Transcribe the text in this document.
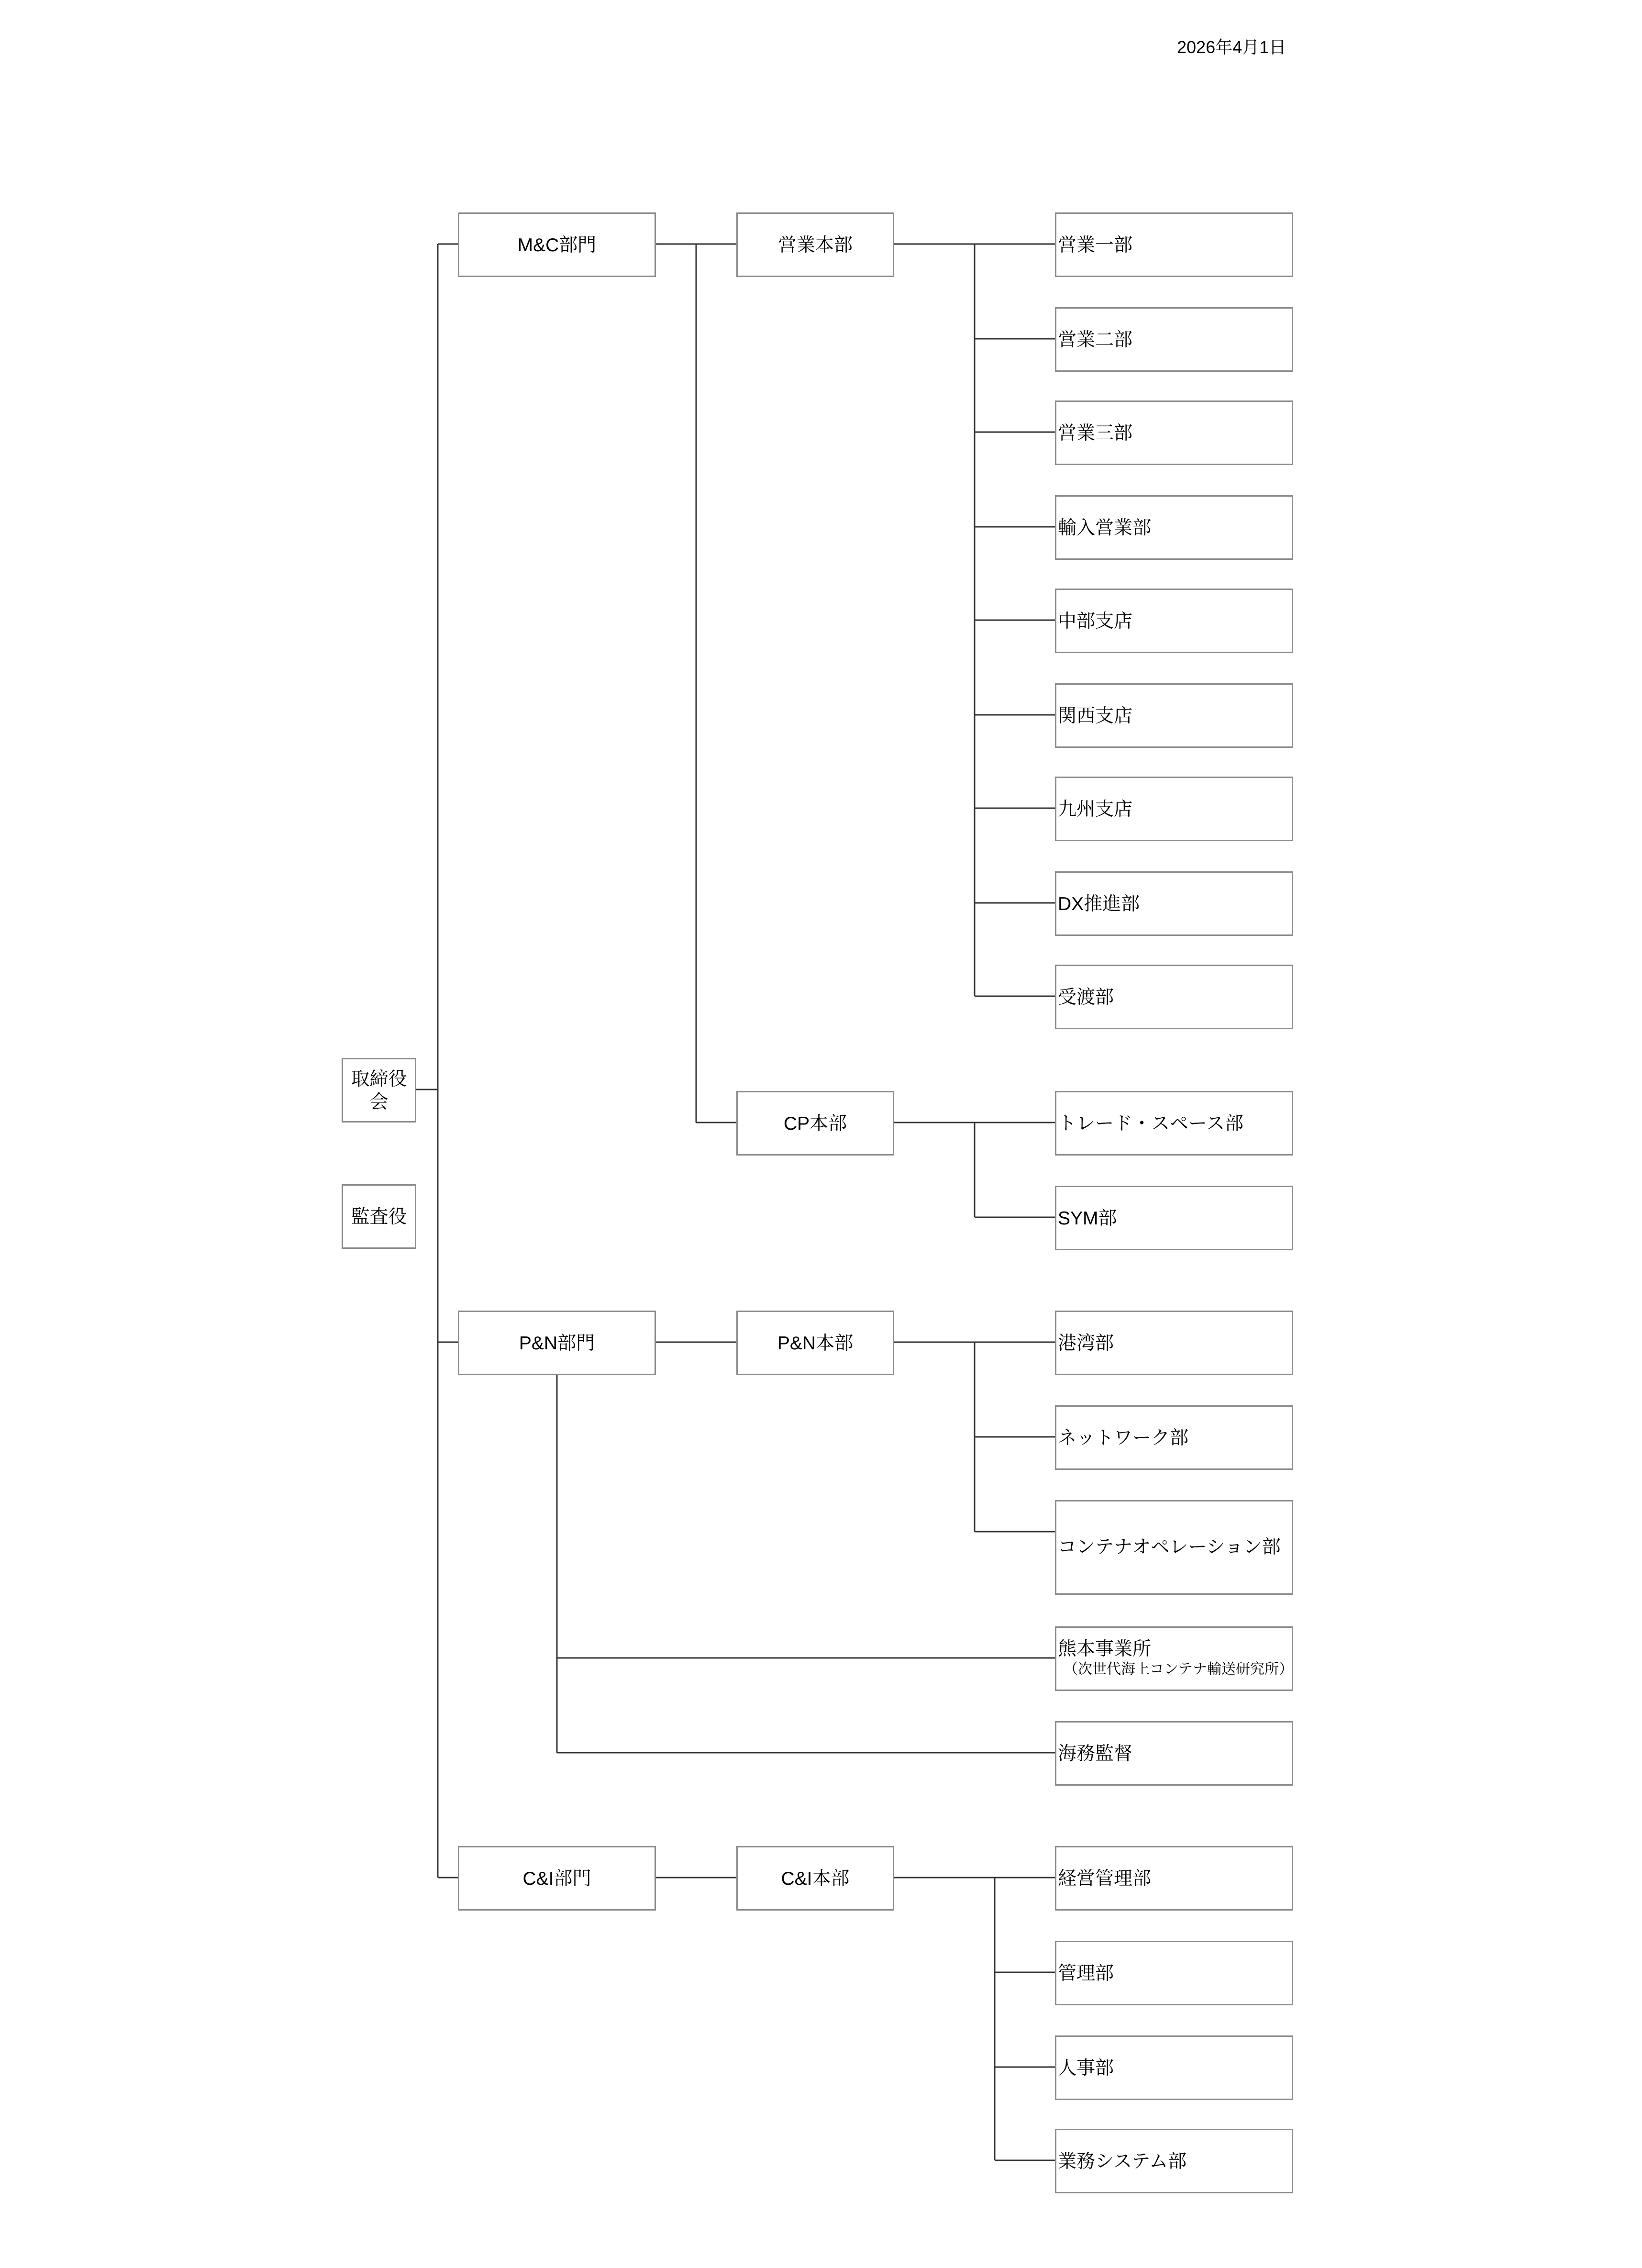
2026年4月1日
取締役会
監査役
M&C部門
P&N部門
C&I部門
営業本部
CP本部
P&N本部
C&I本部
営業一部
営業二部
営業三部
輸入営業部
中部支店
関西支店
九州支店
DX推進部
受渡部
トレード・スペース部
SYM部
港湾部
ネットワーク部
コンテナオペレーション部
熊本事業所
（次世代海上コンテナ輸送研究所）
海務監督
経営管理部
管理部
人事部
業務システム部
